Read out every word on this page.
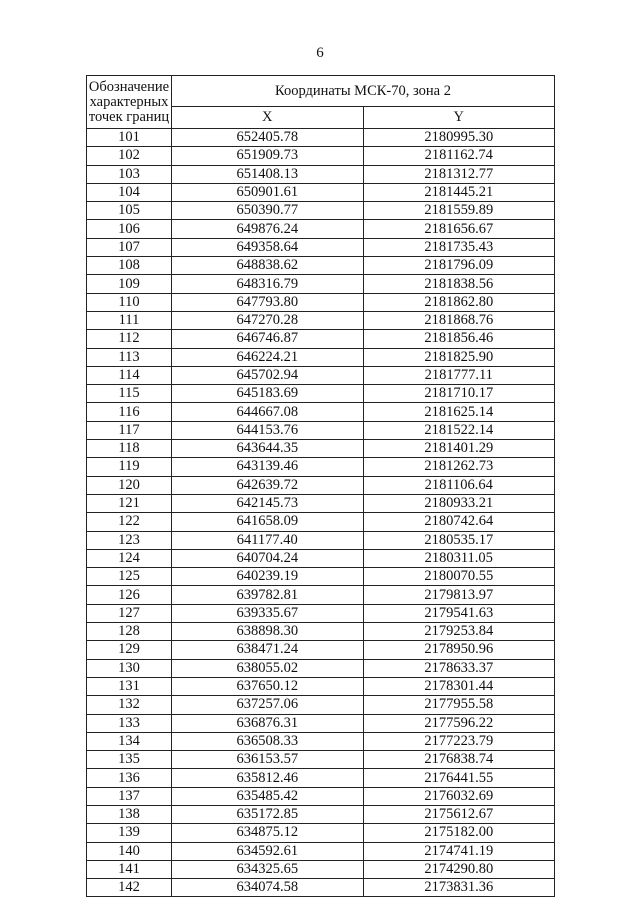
6
Обозначение характерных точек границ	Координаты МСК-70, зона 2	
	X	Y
101	652405.78	2180995.30
102	651909.73	2181162.74
103	651408.13	2181312.77
104	650901.61	2181445.21
105	650390.77	2181559.89
106	649876.24	2181656.67
107	649358.64	2181735.43
108	648838.62	2181796.09
109	648316.79	2181838.56
110	647793.80	2181862.80
111	647270.28	2181868.76
112	646746.87	2181856.46
113	646224.21	2181825.90
114	645702.94	2181777.11
115	645183.69	2181710.17
116	644667.08	2181625.14
117	644153.76	2181522.14
118	643644.35	2181401.29
119	643139.46	2181262.73
120	642639.72	2181106.64
121	642145.73	2180933.21
122	641658.09	2180742.64
123	641177.40	2180535.17
124	640704.24	2180311.05
125	640239.19	2180070.55
126	639782.81	2179813.97
127	639335.67	2179541.63
128	638898.30	2179253.84
129	638471.24	2178950.96
130	638055.02	2178633.37
131	637650.12	2178301.44
132	637257.06	2177955.58
133	636876.31	2177596.22
134	636508.33	2177223.79
135	636153.57	2176838.74
136	635812.46	2176441.55
137	635485.42	2176032.69
138	635172.85	2175612.67
139	634875.12	2175182.00
140	634592.61	2174741.19
141	634325.65	2174290.80
142	634074.58	2173831.36
